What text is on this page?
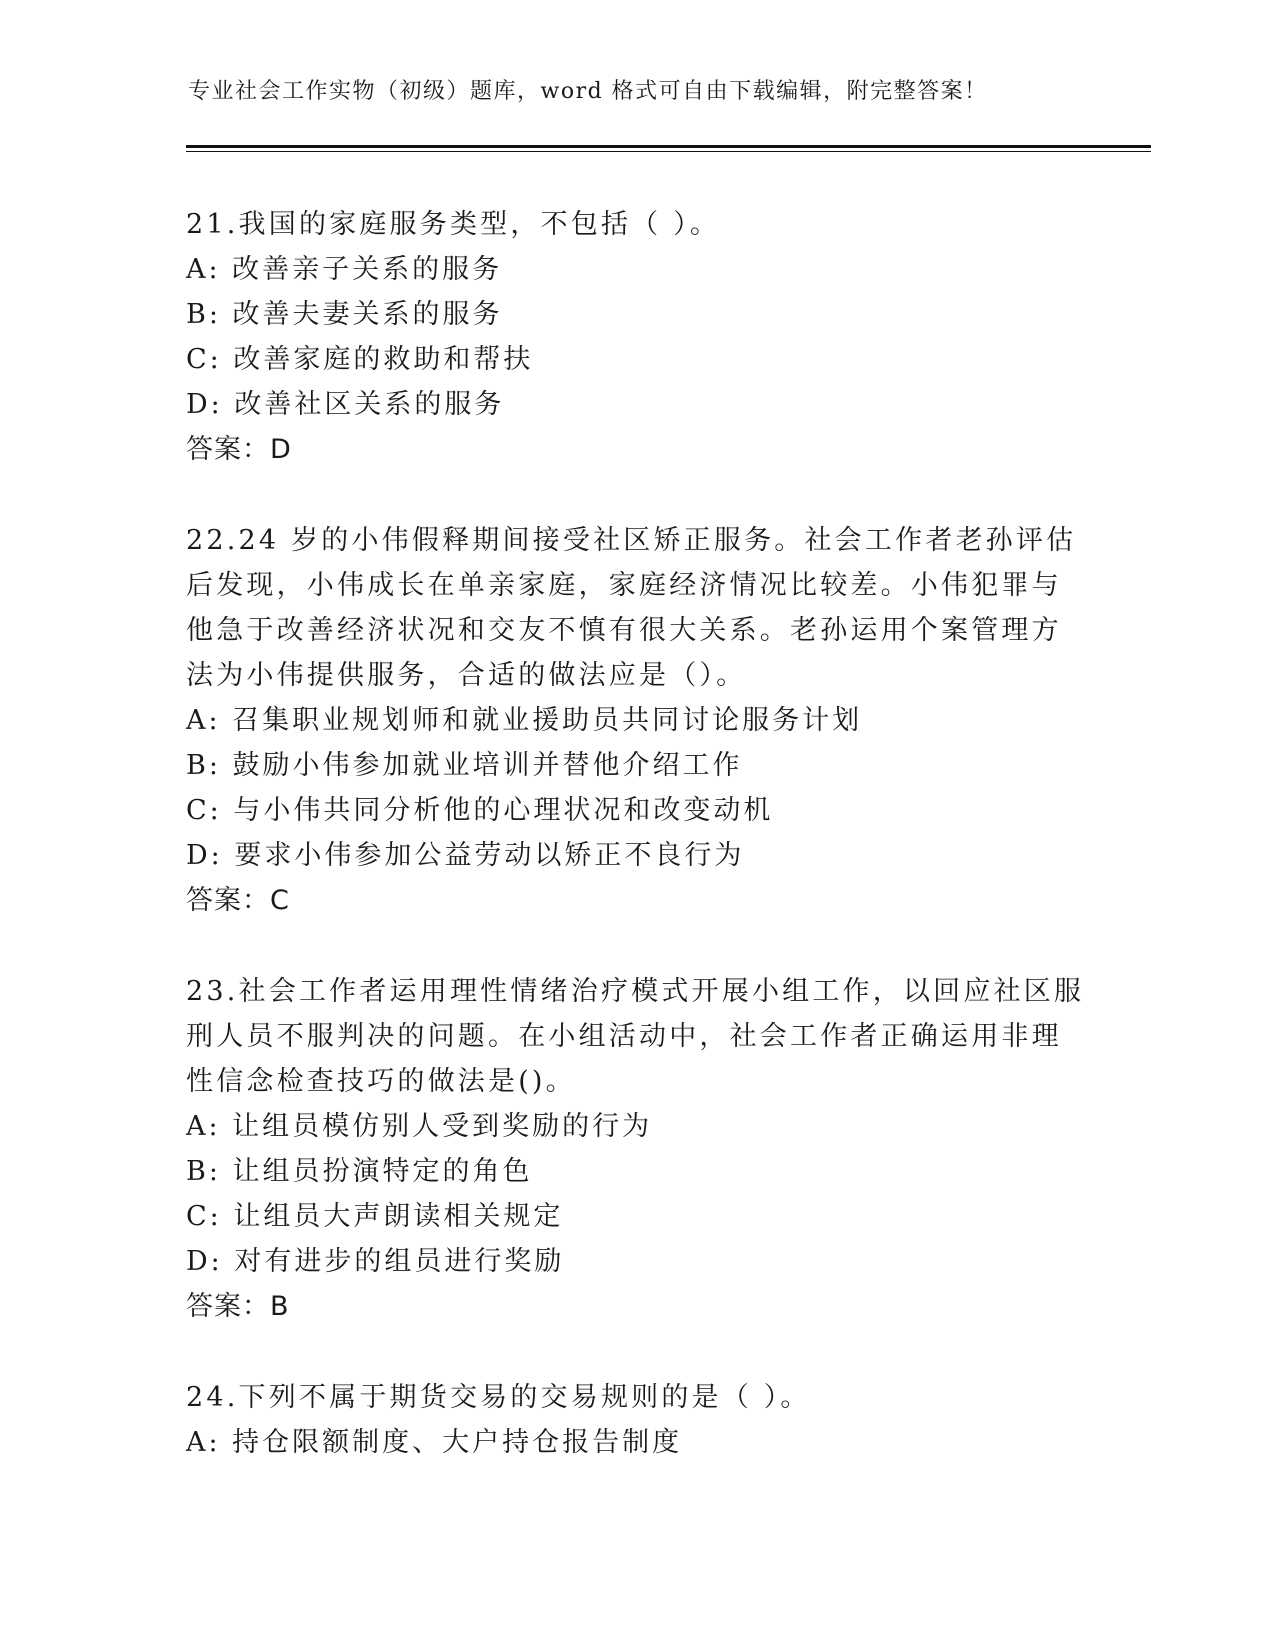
专业社会工作实物（初级）题库，word 格式可自由下载编辑，附完整答案！

21.我国的家庭服务类型，不包括（ ）。

A: 改善亲子关系的服务

B: 改善夫妻关系的服务

C: 改善家庭的救助和帮扶

D: 改善社区关系的服务

答案：D

22.24 岁的小伟假释期间接受社区矫正服务。社会工作者老孙评估后发现，小伟成长在单亲家庭，家庭经济情况比较差。小伟犯罪与他急于改善经济状况和交友不慎有很大关系。老孙运用个案管理方法为小伟提供服务，合适的做法应是（）。

A: 召集职业规划师和就业援助员共同讨论服务计划

B: 鼓励小伟参加就业培训并替他介绍工作

C: 与小伟共同分析他的心理状况和改变动机

D: 要求小伟参加公益劳动以矫正不良行为

答案：C

23.社会工作者运用理性情绪治疗模式开展小组工作，以回应社区服刑人员不服判决的问题。在小组活动中，社会工作者正确运用非理性信念检查技巧的做法是()。

A: 让组员模仿别人受到奖励的行为

B: 让组员扮演特定的角色

C: 让组员大声朗读相关规定

D: 对有进步的组员进行奖励

答案：B

24.下列不属于期货交易的交易规则的是（ ）。

A: 持仓限额制度、大户持仓报告制度
